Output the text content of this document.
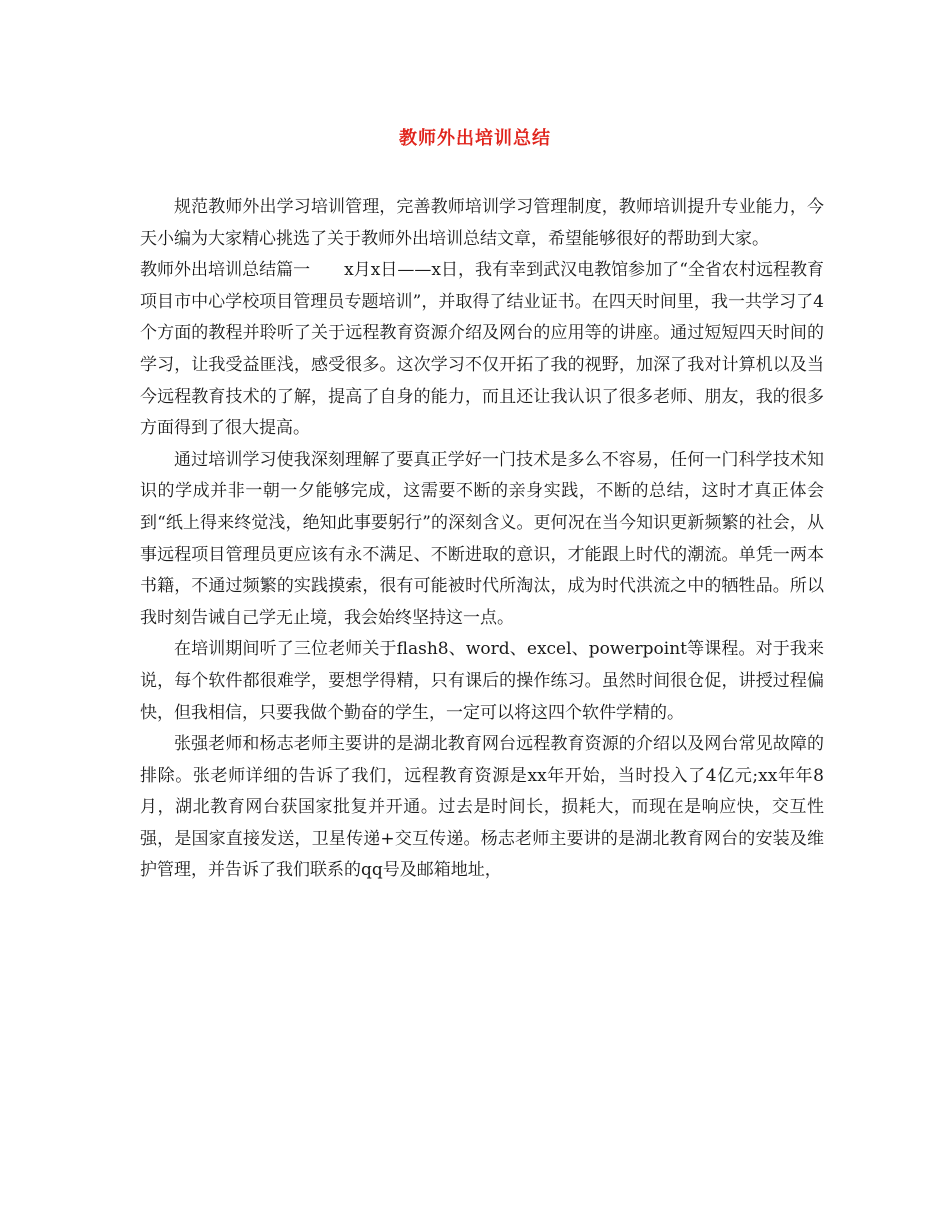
教师外出培训总结

规范教师外出学习培训管理，完善教师培训学习管理制度，教师培训提升专业能力，今天小编为大家精心挑选了关于教师外出培训总结文章，希望能够很好的帮助到大家。

教师外出培训总结篇一　　x月x日——x日，我有幸到武汉电教馆参加了“全省农村远程教育项目市中心学校项目管理员专题培训”，并取得了结业证书。在四天时间里，我一共学习了4个方面的教程并聆听了关于远程教育资源介绍及网台的应用等的讲座。通过短短四天时间的学习，让我受益匪浅，感受很多。这次学习不仅开拓了我的视野，加深了我对计算机以及当今远程教育技术的了解，提高了自身的能力，而且还让我认识了很多老师、朋友，我的很多方面得到了很大提高。

通过培训学习使我深刻理解了要真正学好一门技术是多么不容易，任何一门科学技术知识的学成并非一朝一夕能够完成，这需要不断的亲身实践，不断的总结，这时才真正体会到“纸上得来终觉浅，绝知此事要躬行”的深刻含义。更何况在当今知识更新频繁的社会，从事远程项目管理员更应该有永不满足、不断进取的意识，才能跟上时代的潮流。单凭一两本书籍，不通过频繁的实践摸索，很有可能被时代所淘汰，成为时代洪流之中的牺牲品。所以我时刻告诫自己学无止境，我会始终坚持这一点。

在培训期间听了三位老师关于flash8、word、excel、powerpoint等课程。对于我来说，每个软件都很难学，要想学得精，只有课后的操作练习。虽然时间很仓促，讲授过程偏快，但我相信，只要我做个勤奋的学生，一定可以将这四个软件学精的。

张强老师和杨志老师主要讲的是湖北教育网台远程教育资源的介绍以及网台常见故障的排除。张老师详细的告诉了我们，远程教育资源是xx年开始，当时投入了4亿元;xx年年8月，湖北教育网台获国家批复并开通。过去是时间长，损耗大，而现在是响应快，交互性强，是国家直接发送，卫星传递+交互传递。杨志老师主要讲的是湖北教育网台的安装及维护管理，并告诉了我们联系的qq号及邮箱地址，
